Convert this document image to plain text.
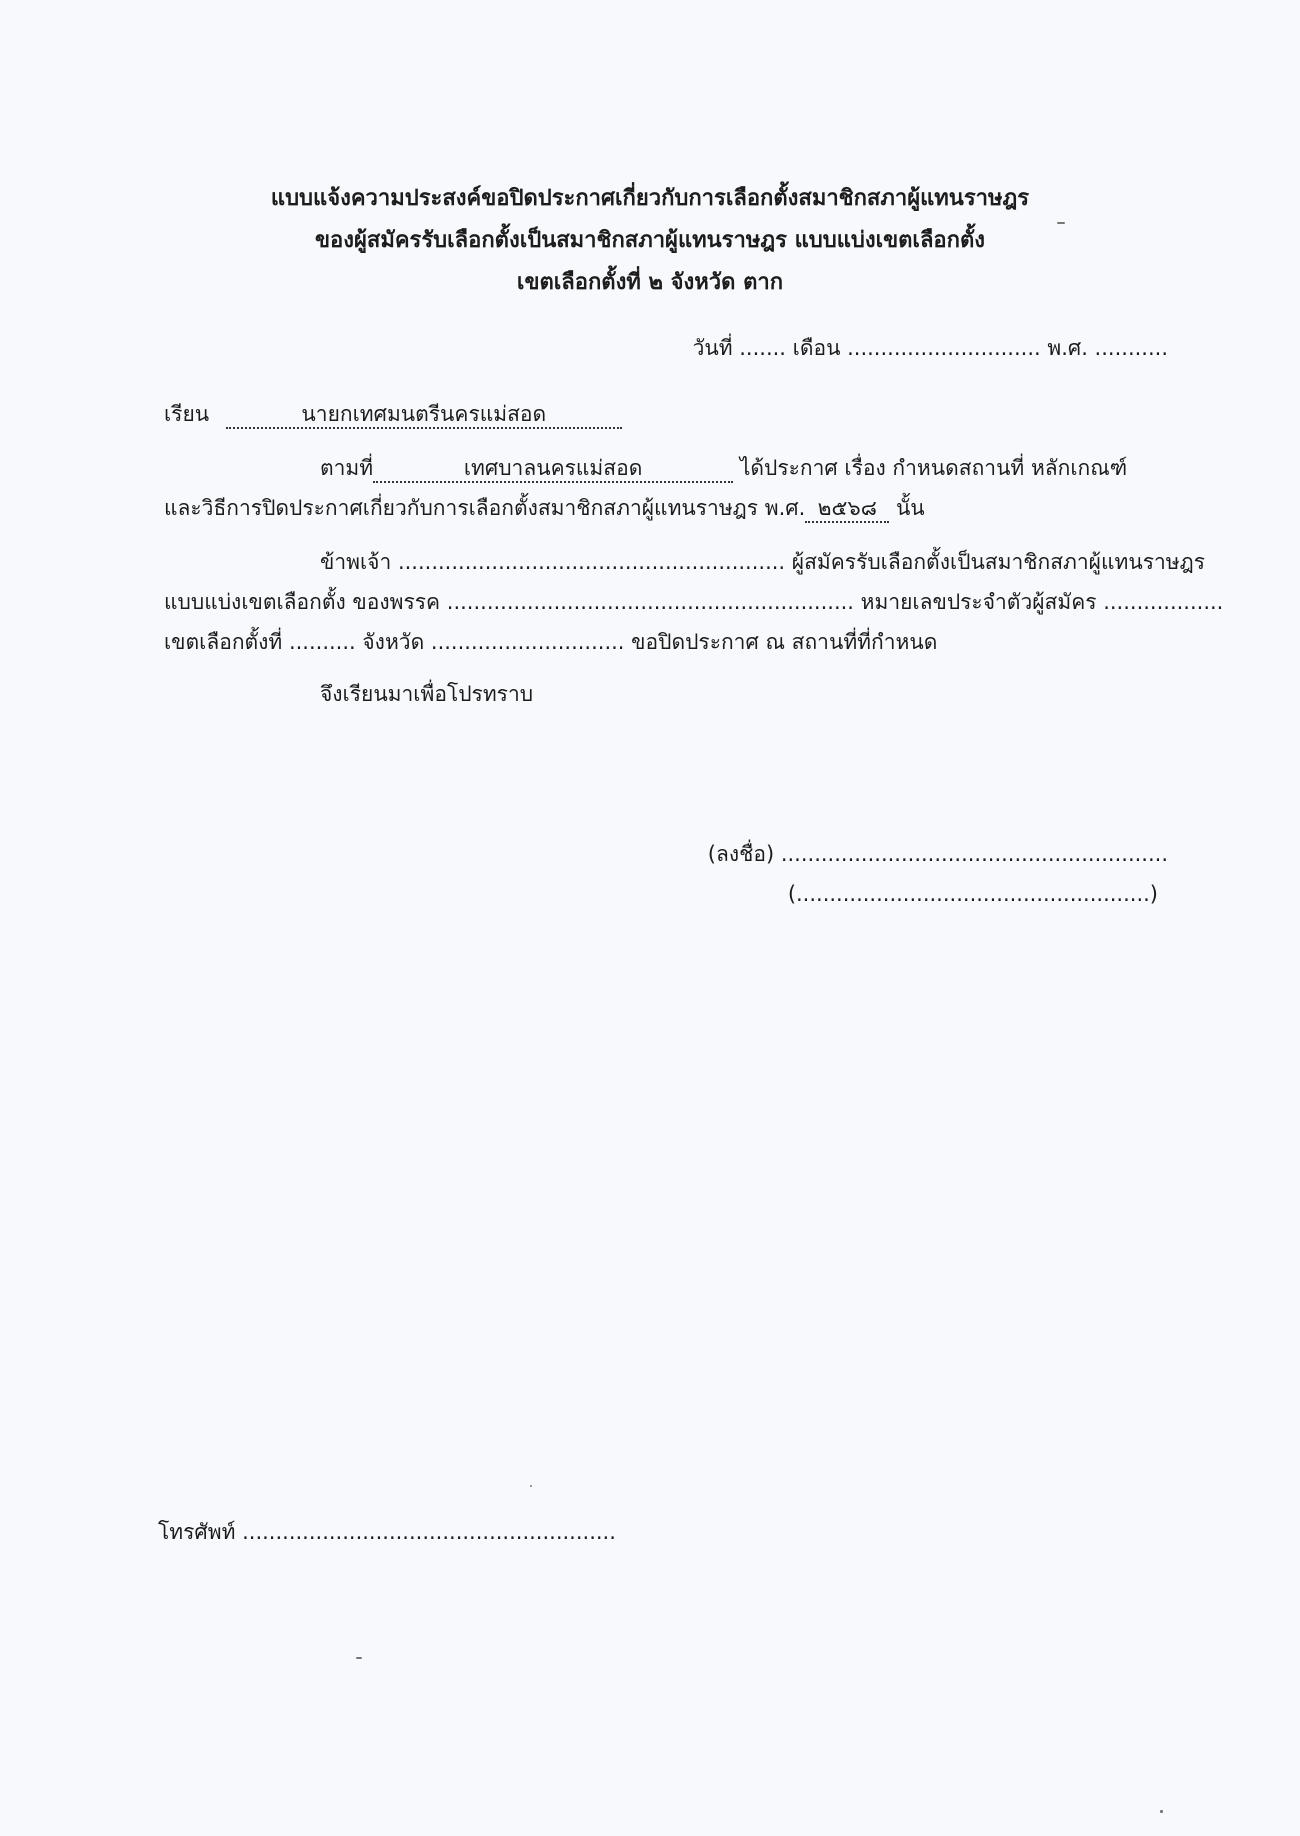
แบบแจ้งความประสงค์ขอปิดประกาศเกี่ยวกับการเลือกตั้งสมาชิกสภาผู้แทนราษฎร
ของผู้สมัครรับเลือกตั้งเป็นสมาชิกสภาผู้แทนราษฎร แบบแบ่งเขตเลือกตั้ง
เขตเลือกตั้งที่ ๒ จังหวัด ตาก
วันที่ ....... เดือน ............................. พ.ศ. ...........
เรียน	นายกเทศมนตรีนครแม่สอด
ตามที่	เทศบาลนครแม่สอด	ได้ประกาศ เรื่อง กำหนดสถานที่ หลักเกณฑ์
และวิธีการปิดประกาศเกี่ยวกับการเลือกตั้งสมาชิกสภาผู้แทนราษฎร พ.ศ. ๒๕๖๘ นั้น
ข้าพเจ้า .......................................................... ผู้สมัครรับเลือกตั้งเป็นสมาชิกสภาผู้แทนราษฎร
แบบแบ่งเขตเลือกตั้ง ของพรรค ............................................................. หมายเลขประจำตัวผู้สมัคร ..................
เขตเลือกตั้งที่ .......... จังหวัด ............................. ขอปิดประกาศ ณ สถานที่ที่กำหนด
จึงเรียนมาเพื่อโปรทราบ
(ลงชื่อ) ..........................................................
(.....................................................)
โทรศัพท์ ........................................................
